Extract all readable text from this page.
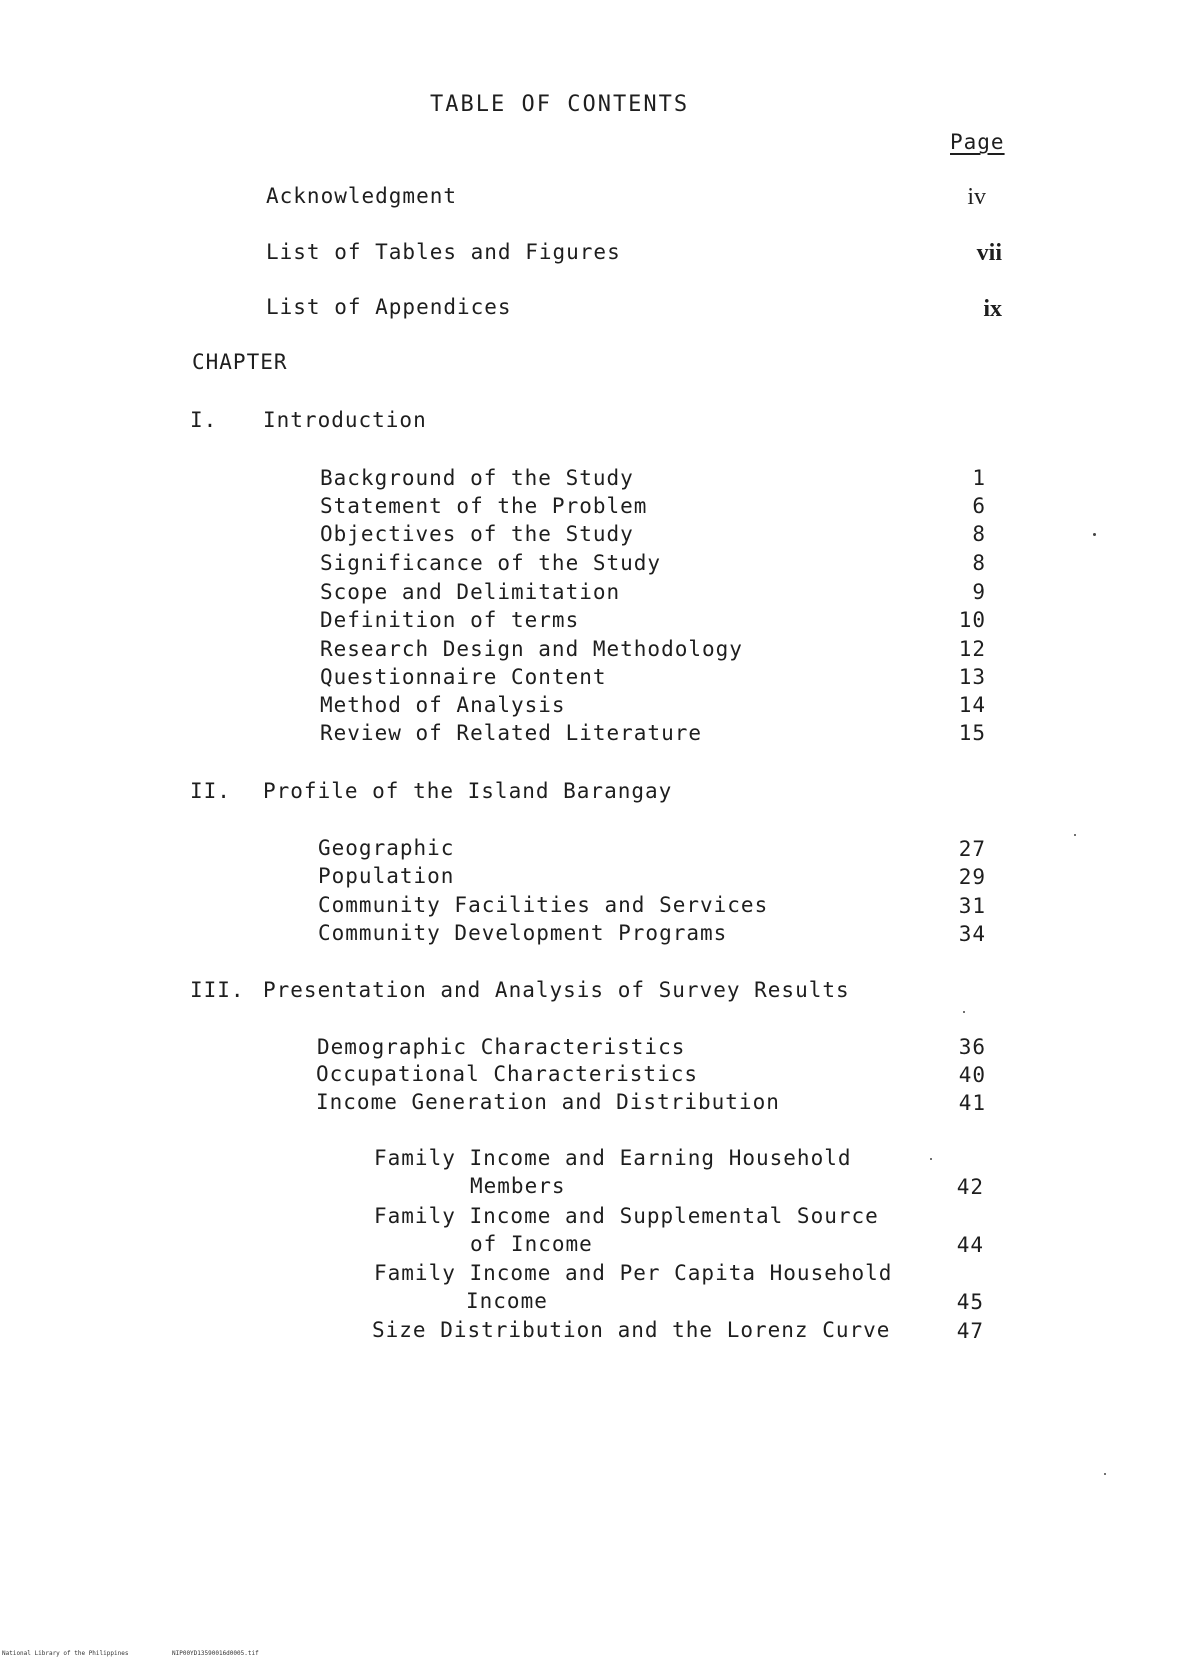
TABLE OF CONTENTS
Page
Acknowledgment	iv
List of Tables and Figures	vii
List of Appendices	ix
CHAPTER
I. Introduction
Background of the Study	1
Statement of the Problem	6
Objectives of the Study	8
Significance of the Study	8
Scope and Delimitation	9
Definition of terms	10
Research Design and Methodology	12
Questionnaire Content	13
Method of Analysis	14
Review of Related Literature	15
II. Profile of the Island Barangay
Geographic	27
Population	29
Community Facilities and Services	31
Community Development Programs	34
III. Presentation and Analysis of Survey Results
Demographic Characteristics	36
Occupational Characteristics	40
Income Generation and Distribution	41
Family Income and Earning Household
Members	42
Family Income and Supplemental Source
of Income	44
Family Income and Per Capita Household
Income	45
Size Distribution and the Lorenz Curve	47
National Library of the Philippines	NIP00YD13590016d0005.tif
